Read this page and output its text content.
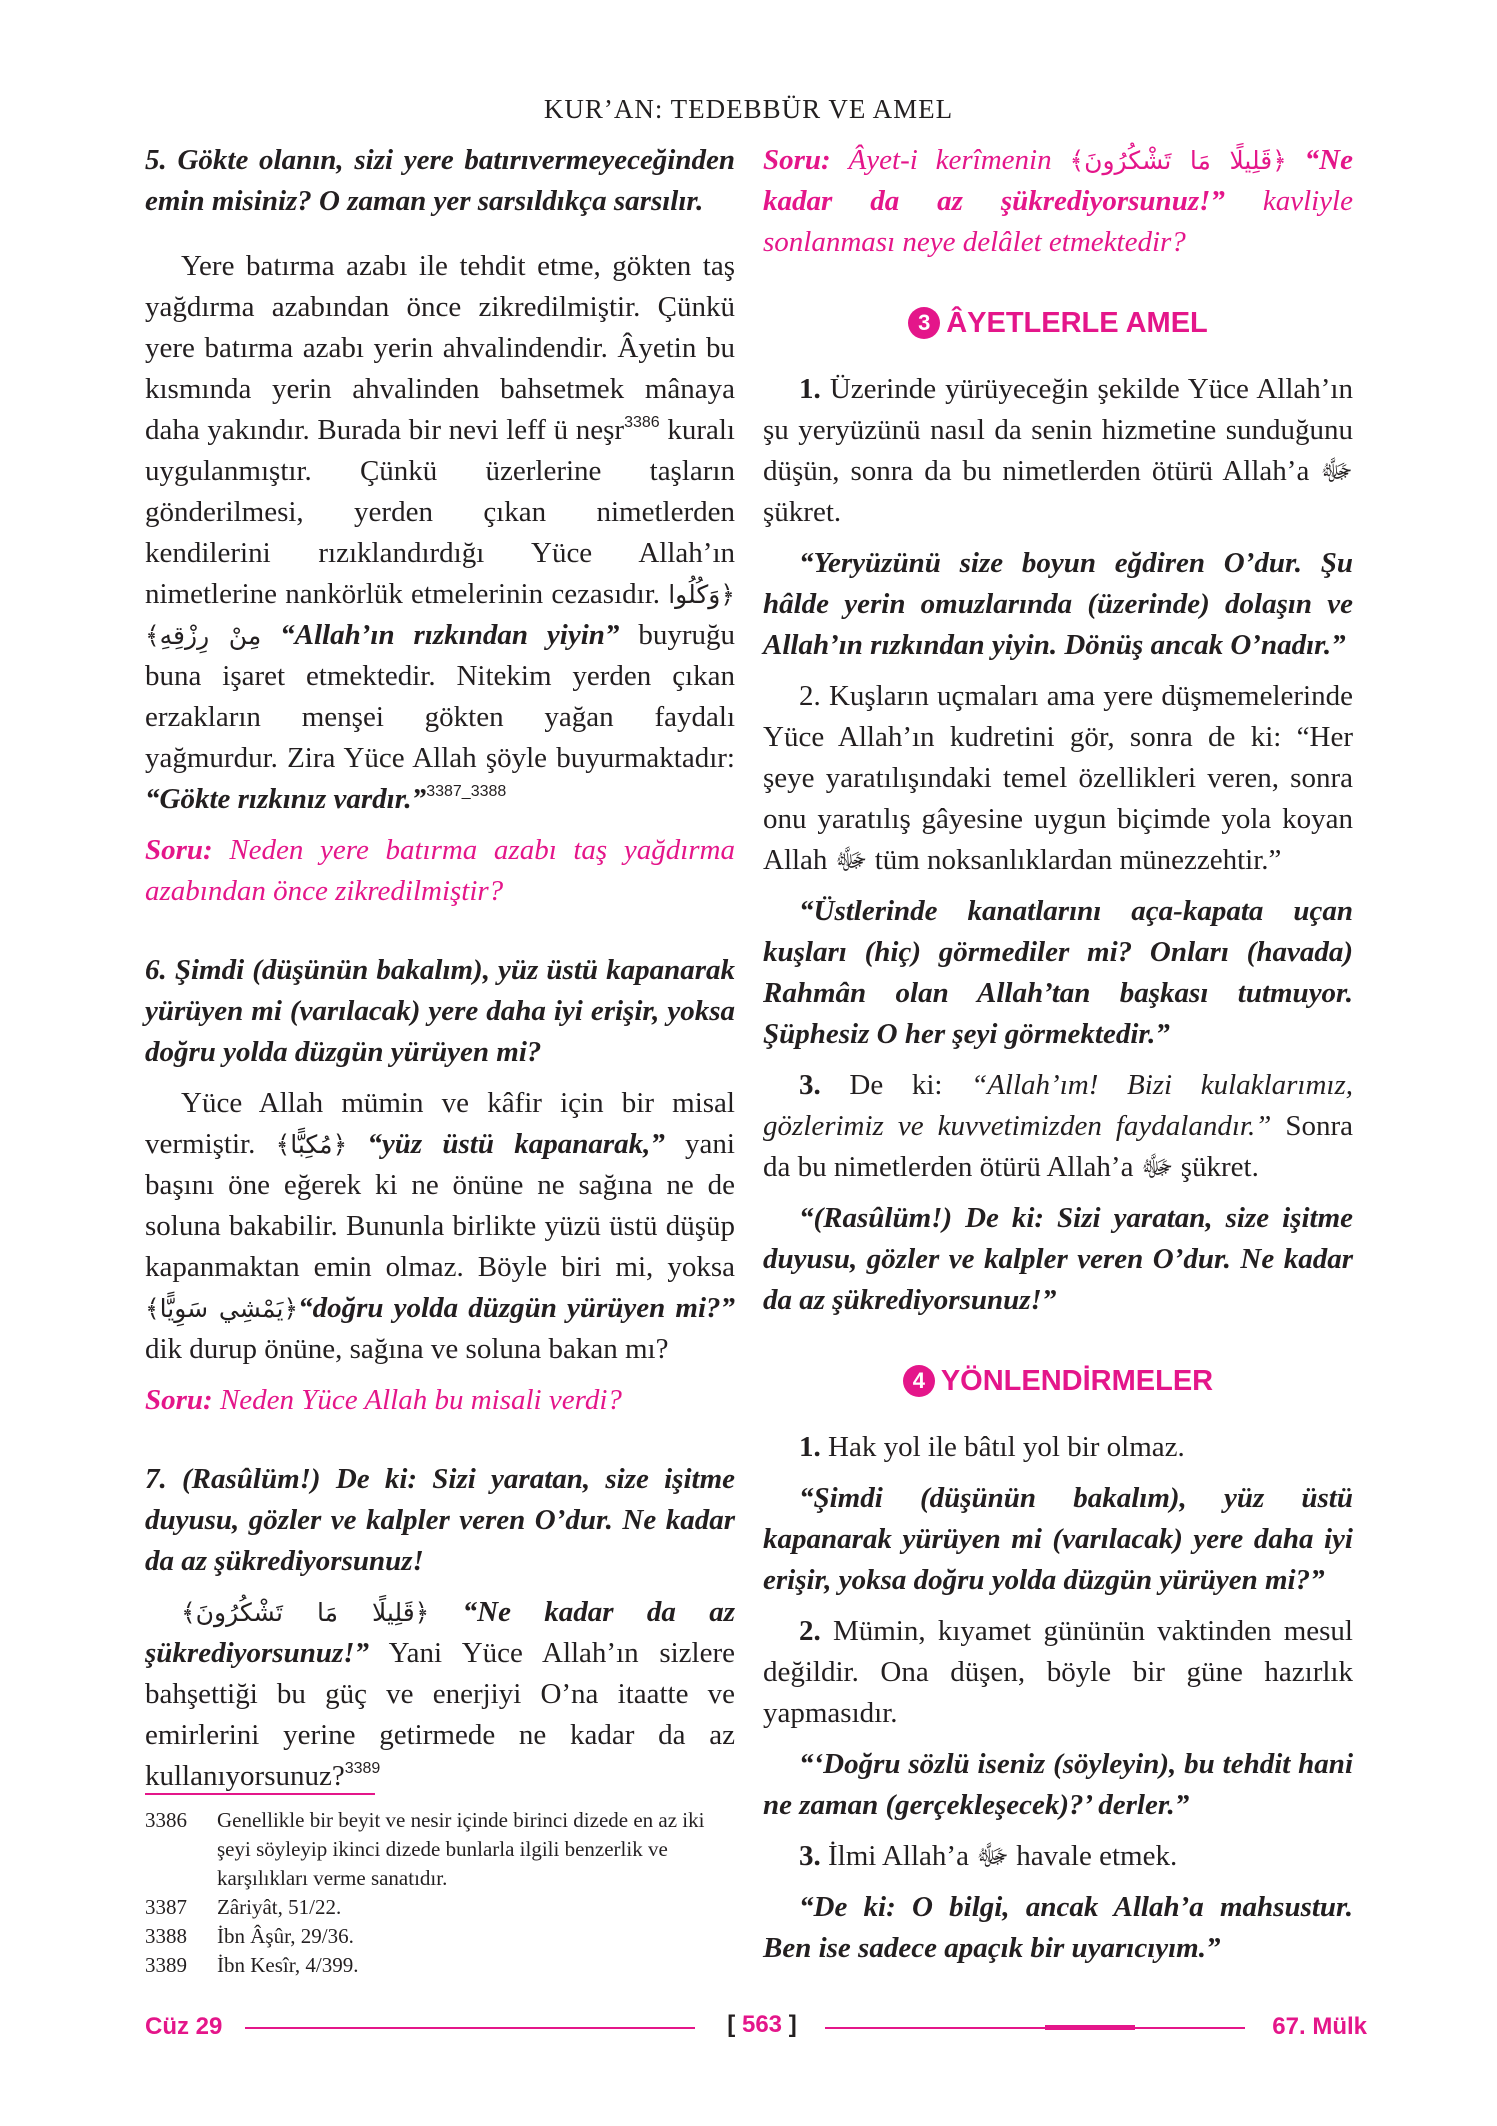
KUR’AN: TEDEBBÜR VE AMEL

5. Gökte olanın, sizi yere batırıvermeyeceğinden emin misiniz? O zaman yer sarsıldıkça sarsılır.

Yere batırma azabı ile tehdit etme, gökten taş yağdırma azabından önce zikredilmiştir. Çünkü yere batırma azabı yerin ahvalindendir. Âyetin bu kısmında yerin ahvalinden bahsetmek mânaya daha yakındır. Burada bir nevi leff ü neşr$^{3386}$ kuralı uygulanmıştır. Çünkü üzerlerine taşların gönderilmesi, yerden çıkan nimetlerden kendilerini rızıklandırdığı Yüce Allah’ın nimetlerine nankörlük etmelerinin cezasıdır. ﴿وَكُلُوا مِنْ رِزْقِهِ﴾ “Allah’ın rızkından yiyin” buyruğu buna işaret etmektedir. Nitekim yerden çıkan erzakların menşei gökten yağan faydalı yağmurdur. Zira Yüce Allah şöyle buyurmaktadır: “Gökte rızkınız vardır.”$^{3387\_3388}$

Soru: Neden yere batırma azabı taş yağdırma azabından önce zikredilmiştir?

6. Şimdi (düşünün bakalım), yüz üstü kapanarak yürüyen mi (varılacak) yere daha iyi erişir, yoksa doğru yolda düzgün yürüyen mi?

Yüce Allah mümin ve kâfir için bir misal vermiştir. ﴿مُكِبًّا﴾ “yüz üstü kapanarak,” yani başını öne eğerek ki ne önüne ne sağına ne de soluna bakabilir. Bununla birlikte yüzü üstü düşüp kapanmaktan emin olmaz. Böyle biri mi, yoksa ﴿يَمْشِي سَوِيًّا﴾“doğru yolda düzgün yürüyen mi?” dik durup önüne, sağına ve soluna bakan mı?

Soru: Neden Yüce Allah bu misali verdi?

7. (Rasûlüm!) De ki: Sizi yaratan, size işitme duyusu, gözler ve kalpler veren O’dur. Ne kadar da az şükrediyorsunuz!

﴿قَلِيلًا مَا تَشْكُرُونَ﴾ “Ne kadar da az şükrediyorsunuz!” Yani Yüce Allah’ın sizlere bahşettiği bu güç ve enerjiyi O’na itaatte ve emirlerini yerine getirmede ne kadar da az kullanıyorsunuz?$^{3389}$

Soru: Âyet-i kerîmenin ﴿قَلِيلًا مَا تَشْكُرُونَ﴾ “Ne kadar da az şükrediyorsunuz!” kavliyle sonlanması neye delâlet etmektedir?

3 ÂYETLERLE AMEL

1. Üzerinde yürüyeceğin şekilde Yüce Allah’ın şu yeryüzünü nasıl da senin hizmetine sunduğunu düşün, sonra da bu nimetlerden ötürü Allah’a ﷻ şükret.

“Yeryüzünü size boyun eğdiren O’dur. Şu hâlde yerin omuzlarında (üzerinde) dolaşın ve Allah’ın rızkından yiyin. Dönüş ancak O’nadır.”

2. Kuşların uçmaları ama yere düşmemelerinde Yüce Allah’ın kudretini gör, sonra de ki: “Her şeye yaratılışındaki temel özellikleri veren, sonra onu yaratılış gâyesine uygun biçimde yola koyan Allah ﷻ tüm noksanlıklardan münezzehtir.”

“Üstlerinde kanatlarını açа-kapata uçan kuşları (hiç) görmediler mi? Onları (havada) Rahmân olan Allah’tan başkası tutmuyor. Şüphesiz O her şeyi görmektedir.”

3. De ki: “Allah’ım! Bizi kulaklarımız, gözlerimiz ve kuvvetimizden faydalandır.” Sonra da bu nimetlerden ötürü Allah’a ﷻ şükret.

“(Rasûlüm!) De ki: Sizi yaratan, size işitme duyusu, gözler ve kalpler veren O’dur. Ne kadar da az şükrediyorsunuz!”

4 YÖNLENDİRMELER

1. Hak yol ile bâtıl yol bir olmaz.

“Şimdi (düşünün bakalım), yüz üstü kapanarak yürüyen mi (varılacak) yere daha iyi erişir, yoksa doğru yolda düzgün yürüyen mi?”

2. Mümin, kıyamet gününün vaktinden mesul değildir. Ona düşen, böyle bir güne hazırlık yapmasıdır.

“‘Doğru sözlü iseniz (söyleyin), bu tehdit hani ne zaman (gerçekleşecek)?’ derler.”

3. İlmi Allah’a ﷻ havale etmek.

“De ki: O bilgi, ancak Allah’a mahsustur. Ben ise sadece apaçık bir uyarıcıyım.”

3386	Genellikle bir beyit ve nesir içinde birinci dizede en az iki şeyi söyleyip ikinci dizede bunlarla ilgili benzerlik ve karşılıkları verme sanatıdır.
3387	Zâriyât, 51/22.
3388	İbn Âşûr, 29/36.
3389	İbn Kesîr, 4/399.
Cüz 29	[ 563 ]	67. Mülk
